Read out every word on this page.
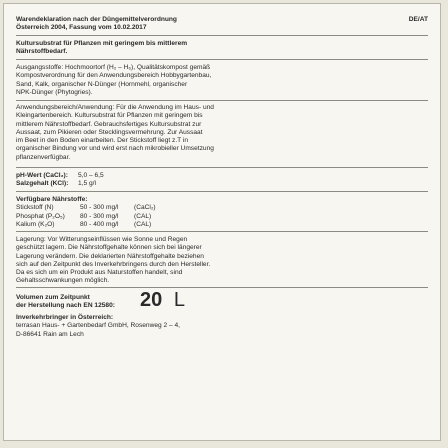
Warendeklaration nach der Düngemittelverordnung	DE/AT
Österreich 2004, Fassung vom 10.02.2017
Kultursubstrat für Pflanzen mit geringem bis mittlerem
Nährstoffbedarf.
Ausgangsstoffe: Hochmoortorf (H₂ – H₆), Qualitätskompost gemäß
Kompostverordnung für den Anwendungsbereich Hobbygartenbau,
Sand, Kalk, organischer N-Dünger (Hornmehl, organischer
NPK-Dünger (Phytogries).
Anwendungsbereich/Anwendung: Für die Anwendung im Haus- und
Kleingartenbereich. Kultursubstrat für Pflanzen mit geringem bis
mittlerem Nährstoffbedarf. Gebrauchsfertiges Kultursubstrat zur
Aussaat, zum Pikieren oder Stecklingsvermehrung. Zur Aussaat
im Beet in den Boden einarbeiten. Der Stickstoff liegt z.T in
organischer Bindung vor und wird erst nach mikrobieller Umsetzung
pflanzenverfügbar.
pH-Wert (CaCl₂):	5,0 – 6,5
Salzgehalt (KCl):	1,5 g/l
Verfügbare Nährstoffe:
Stickstoff (N)	50 - 300 mg/l	(CaCl₂)
Phosphat (P₂O₅)	80 - 300 mg/l	(CAL)
Kalium (K₂O)	80 - 400 mg/l	(CAL)
Lagerung: Vor Witterungseinflüssen wie Sonne und Regen
geschützt lagern. Die Nährstoffgehalte können sich bei längerer
Lagerung verändern. Die deklarierten Nährstoffgehalte beziehen
sich auf den Zeitpunkt des Inverkehrbringens durch den Hersteller.
Da es sich um ein Produkt aus Naturstoffen handelt, sind
Gehaltsschwankungen möglich.
Volumen zum Zeitpunkt
der Herstellung nach EN 12580:	20 L
Inverkehrbringer in Österreich:
terrasan Haus- + Gartenbedarf GmbH, Rosenweg 2 – 4,
D-86641 Rain am Lech
